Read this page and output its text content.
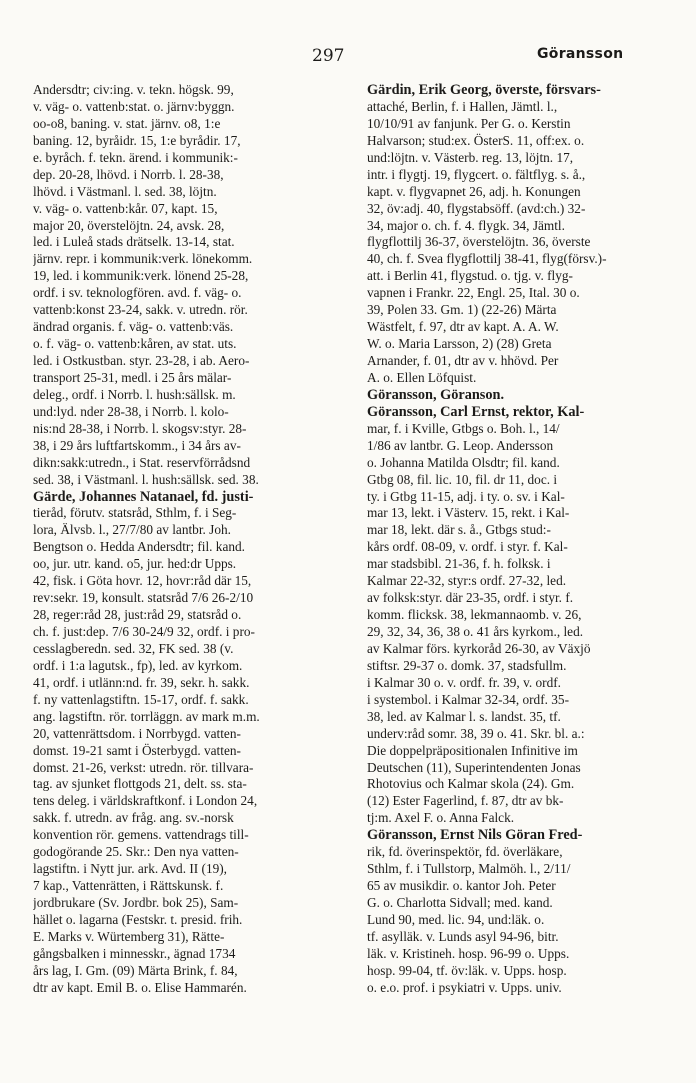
297	Göransson
Andersdtr; civ:ing. v. tekn. högsk. 99,
v. väg- o. vattenb:stat. o. järnv:byggn.
oo-o8, baning. v. stat. järnv. o8, 1:e
baning. 12, byråidr. 15, 1:e byrådir. 17,
e. byråch. f. tekn. ärend. i kommunik:-
dep. 20-28, lhövd. i Norrb. l. 28-38,
lhövd. i Västmanl. l. sed. 38, löjtn.
v. väg- o. vattenb:kår. 07, kapt. 15,
major 20, överstelöjtn. 24, avsk. 28,
led. i Luleå stads drätselk. 13-14, stat.
järnv. repr. i kommunik:verk. lönekomm.
19, led. i kommunik:verk. lönend 25-28,
ordf. i sv. teknologfören. avd. f. väg- o.
vattenb:konst 23-24, sakk. v. utredn. rör.
ändrad organis. f. väg- o. vattenb:väs.
o. f. väg- o. vattenb:kåren, av stat. uts.
led. i Ostkustban. styr. 23-28, i ab. Aero-
transport 25-31, medl. i 25 års mälar-
deleg., ordf. i Norrb. l. hush:sällsk. m.
und:lyd. nder 28-38, i Norrb. l. kolo-
nis:nd 28-38, i Norrb. l. skogsv:styr. 28-
38, i 29 års luftfartskomm., i 34 års av-
dikn:sakk:utredn., i Stat. reservförrådsnd
sed. 38, i Västmanl. l. hush:sällsk. sed. 38.
Gärde, Johannes Natanael, fd. justi-
tieråd, förutv. statsråd, Sthlm, f. i Seg-
lora, Älvsb. l., 27/7/80 av lantbr. Joh.
Bengtson o. Hedda Andersdtr; fil. kand.
oo, jur. utr. kand. o5, jur. hed:dr Upps.
42, fisk. i Göta hovr. 12, hovr:råd där 15,
rev:sekr. 19, konsult. statsråd 7/6 26-2/10
28, reger:råd 28, just:råd 29, statsråd o.
ch. f. just:dep. 7/6 30-24/9 32, ordf. i pro-
cesslagberedn. sed. 32, FK sed. 38 (v.
ordf. i 1:a lagutsk., fp), led. av kyrkom.
41, ordf. i utlänn:nd. fr. 39, sekr. h. sakk.
f. ny vattenlagstiftn. 15-17, ordf. f. sakk.
ang. lagstiftn. rör. torrläggn. av mark m.m.
20, vattenrättsdom. i Norrbygd. vatten-
domst. 19-21 samt i Österbygd. vatten-
domst. 21-26, verkst: utredn. rör. tillvara-
tag. av sjunket flottgods 21, delt. ss. sta-
tens deleg. i världskraftkonf. i London 24,
sakk. f. utredn. av fråg. ang. sv.-norsk
konvention rör. gemens. vattendrags till-
godogörande 25. Skr.: Den nya vatten-
lagstiftn. i Nytt jur. ark. Avd. II (19),
7 kap., Vattenrätten, i Rättskunsk. f.
jordbrukare (Sv. Jordbr. bok 25), Sam-
hället o. lagarna (Festskr. t. presid. frih.
E. Marks v. Würtemberg 31), Rätte-
gångsbalken i minnesskr., ägnad 1734
års lag, I. Gm. (09) Märta Brink, f. 84,
dtr av kapt. Emil B. o. Elise Hammarén.
Gärdin, Erik Georg, överste, försvars-
attaché, Berlin, f. i Hallen, Jämtl. l.,
10/10/91 av fanjunk. Per G. o. Kerstin
Halvarson; stud:ex. ÖsterS. 11, off:ex. o.
und:löjtn. v. Västerb. reg. 13, löjtn. 17,
intr. i flygtj. 19, flygcert. o. fältflyg. s. å.,
kapt. v. flygvapnet 26, adj. h. Konungen
32, öv:adj. 40, flygstabsöff. (avd:ch.) 32-
34, major o. ch. f. 4. flygk. 34, Jämtl.
flygflottilj 36-37, överstelöjtn. 36, överste
40, ch. f. Svea flygflottilj 38-41, flyg(försv.)-
att. i Berlin 41, flygstud. o. tjg. v. flyg-
vapnen i Frankr. 22, Engl. 25, Ital. 30 o.
39, Polen 33. Gm. 1) (22-26) Märta
Wästfelt, f. 97, dtr av kapt. A. A. W.
W. o. Maria Larsson, 2) (28) Greta
Arnander, f. 01, dtr av v. hhövd. Per
A. o. Ellen Löfquist.
Göransson, Göranson.
Göransson, Carl Ernst, rektor, Kal-
mar, f. i Kville, Gtbgs o. Boh. l., 14/
1/86 av lantbr. G. Leop. Andersson
o. Johanna Matilda Olsdtr; fil. kand.
Gtbg 08, fil. lic. 10, fil. dr 11, doc. i
ty. i Gtbg 11-15, adj. i ty. o. sv. i Kal-
mar 13, lekt. i Västerv. 15, rekt. i Kal-
mar 18, lekt. där s. å., Gtbgs stud:-
kårs ordf. 08-09, v. ordf. i styr. f. Kal-
mar stadsbibl. 21-36, f. h. folksk. i
Kalmar 22-32, styr:s ordf. 27-32, led.
av folksk:styr. där 23-35, ordf. i styr. f.
komm. flicksk. 38, lekmannaomb. v. 26,
29, 32, 34, 36, 38 o. 41 års kyrkom., led.
av Kalmar förs. kyrkoråd 26-30, av Växjö
stiftsr. 29-37 o. domk. 37, stadsfullm.
i Kalmar 30 o. v. ordf. fr. 39, v. ordf.
i systembol. i Kalmar 32-34, ordf. 35-
38, led. av Kalmar l. s. landst. 35, tf.
underv:råd somr. 38, 39 o. 41. Skr. bl. a.:
Die doppelpräpositionalen Infinitive im
Deutschen (11), Superintendenten Jonas
Rhotovius och Kalmar skola (24). Gm.
(12) Ester Fagerlind, f. 87, dtr av bk-
tj:m. Axel F. o. Anna Falck.
Göransson, Ernst Nils Göran Fred-
rik, fd. överinspektör, fd. överläkare,
Sthlm, f. i Tullstorp, Malmöh. l., 2/11/
65 av musikdir. o. kantor Joh. Peter
G. o. Charlotta Sidvall; med. kand.
Lund 90, med. lic. 94, und:läk. o.
tf. asylläk. v. Lunds asyl 94-96, bitr.
läk. v. Kristineh. hosp. 96-99 o. Upps.
hosp. 99-04, tf. öv:läk. v. Upps. hosp.
o. e.o. prof. i psykiatri v. Upps. univ.
